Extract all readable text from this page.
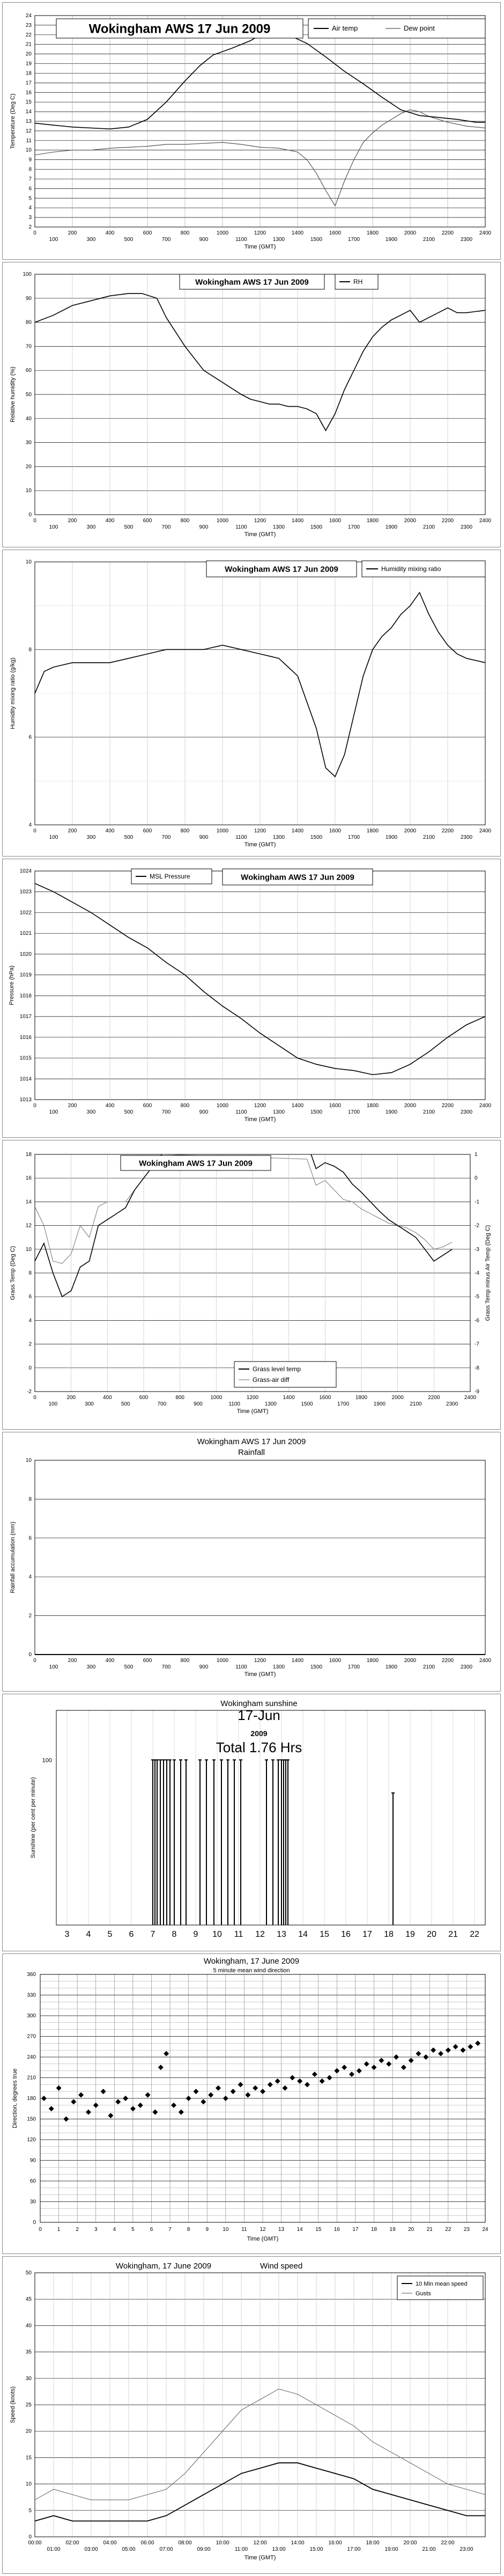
2
3
4
5
6
7
8
9
10
11
12
13
14
15
16
17
18
19
20
21
22
23
24
0	200	400	600	800	1000	1200	1400	1600	1800	2000	2200	2400
100	300	500	700	900	1100	1300	1500	1700	1900	2100	2300
Time (GMT)
Temperature (Deg C)
Wokingham AWS 17 Jun 2009	Air temp	Dew point
0
10
20
30
40
50
60
70
80
90
100
0	200	400	600	800	1000	1200	1400	1600	1800	2000	2200	2400
100	300	500	700	900	1100	1300	1500	1700	1900	2100	2300
Time (GMT)
Relative humidity (%)
Wokingham AWS 17 Jun 2009	RH
4
6
8
10
0	200	400	600	800	1000	1200	1400	1600	1800	2000	2200	2400
100	300	500	700	900	1100	1300	1500	1700	1900	2100	2300
Time (GMT)
Humidity mixing ratio (g/kg)
Wokingham AWS 17 Jun 2009	Humidity mixing ratio
1013
1014
1015
1016
1017
1018
1019
1020
1021
1022
1023
1024
0	200	400	600	800	1000	1200	1400	1600	1800	2000	2200	2400
100	300	500	700	900	1100	1300	1500	1700	1900	2100	2300
Time (GMT)
Pressure (hPa)
MSL Pressure	Wokingham AWS 17 Jun 2009
-2
0
2
4
6
8
10
12
14
16
18
-9
-8
-7
-6
-5
-4
-3
-2
-1
0
1
0	200	400	600	800	1000	1200	1400	1600	1800	2000	2200	2400
100	300	500	700	900	1100	1300	1500	1700	1900	2100	2300
Time (GMT)
Grass Temp (Deg C)	Grass Temp minus Air Temp (Deg C)
Wokingham AWS 17 Jun 2009
Grass level temp
Grass-air diff
0
2
4
6
8
10
0	200	400	600	800	1000	1200	1400	1600	1800	2000	2200	2400
100	300	500	700	900	1100	1300	1500	1700	1900	2100	2300
Time (GMT)
Rainfall accumulation (mm)
Wokingham AWS 17 Jun 2009
Rainfall
3 4 5 6 7 8 9 10 11 12 13 14 15 16 17 18 19 20 21 22
100
Sunshine (per cent per minute)
Wokingham sunshine
17-Jun
2009
Total 1.76 Hrs
0
30
60
90
120
150
180
210
240
270
300
330
360
0	1	2	3	4	5	6	7	8	9	10 11 12 13 14 15 16 17 18 19 20 21 22 23 24
Time (GMT)
Direction, degrees true
Wokingham, 17 June 2009
5 minute mean wind direction
0
5
10
15
20
25
30
35
40
45
50
00:00	02:00	04:00	06:00	08:00	10:00	12:00	14:00	16:00	18:00	20:00	22:00
01:00	03:00	05:00	07:00	09:00	11:00	13:00	15:00	17:00	19:00	21:00	23:00
Time (GMT)
Speed (knots)
Wokingham, 17 June 2009	Wind speed
10 Min mean speed
Gusts
